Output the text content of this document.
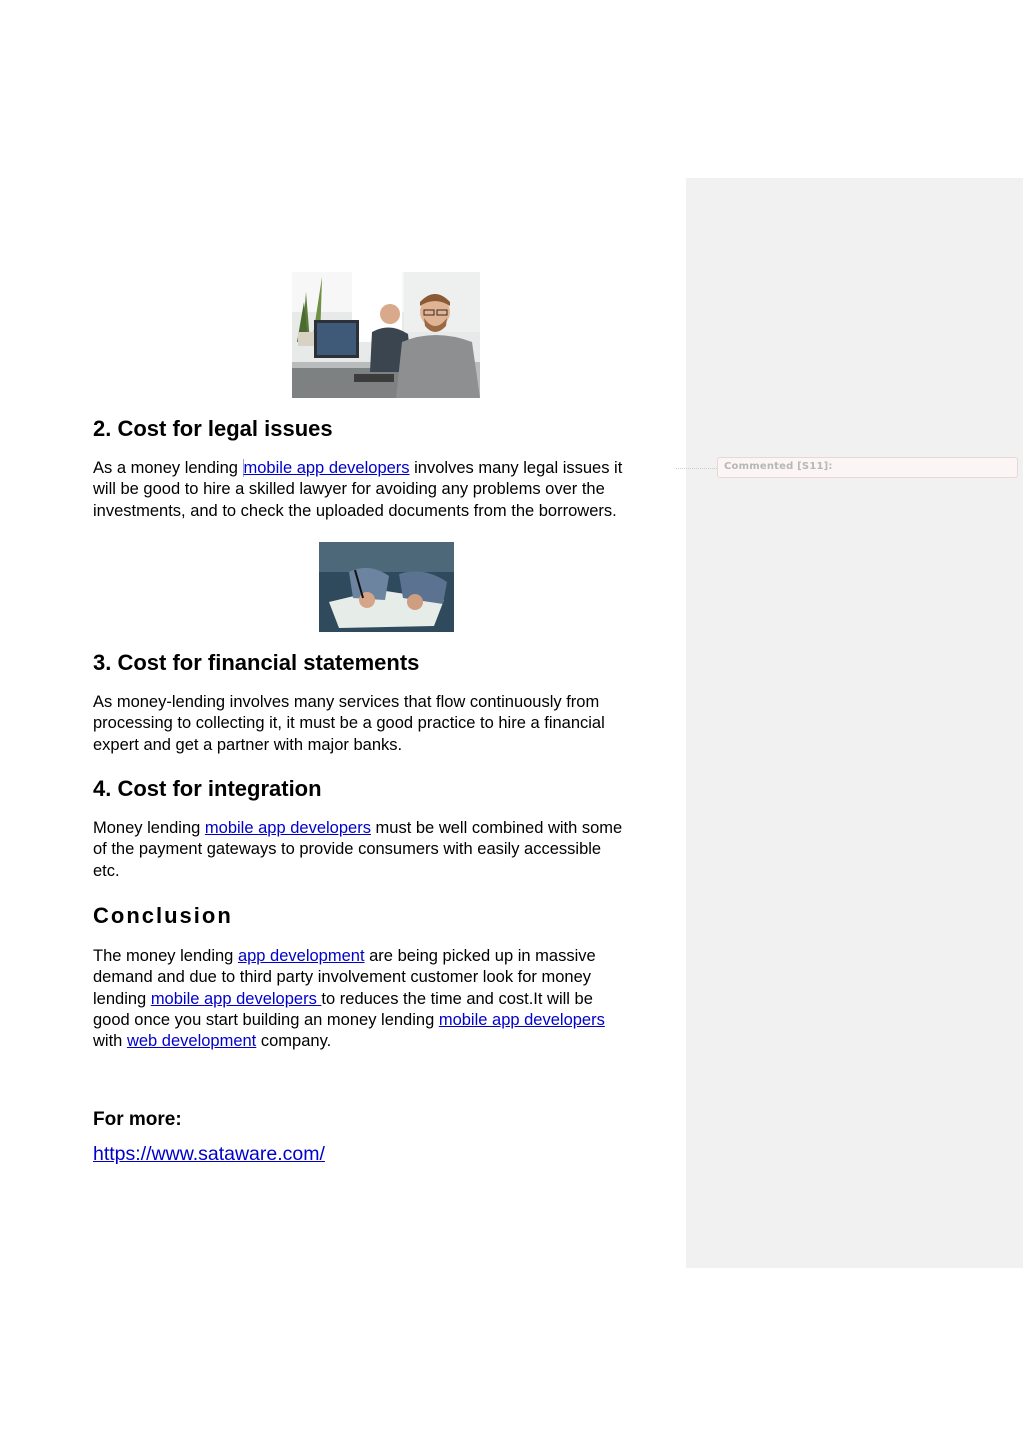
Commented [S11]:
2. Cost for legal issues
As a money lending mobile app developers involves many legal issues it
will be good to hire a skilled lawyer for avoiding any problems over the
investments, and to check the uploaded documents from the borrowers.
3. Cost for financial statements
As money-lending involves many services that flow continuously from
processing to collecting it, it must be a good practice to hire a financial
expert and get a partner with major banks.
4. Cost for integration
Money lending mobile app developers must be well combined with some
of the payment gateways to provide consumers with easily accessible
etc.
Conclusion
The money lending app development are being picked up in massive
demand and due to third party involvement customer look for money
lending mobile app developers to reduces the time and cost.It will be
good once you start building an money lending mobile app developers
with web development company.

For more:

https://www.sataware.com/
